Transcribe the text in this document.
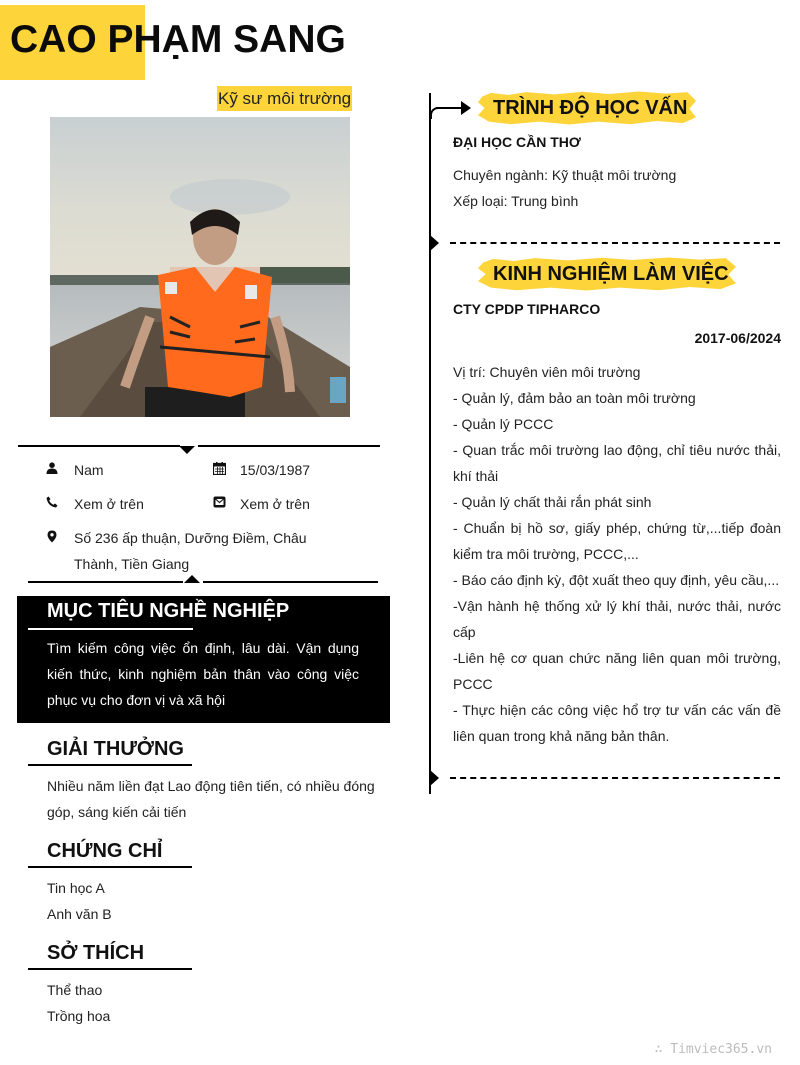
CAO PHẠM SANG
Kỹ sư môi trường
Nam	15/03/1987
Xem ở trên	Xem ở trên
Số 236 ấp thuận, Dưỡng Điềm, Châu
Thành, Tiền Giang
MỤC TIÊU NGHỀ NGHIỆP
Tìm kiếm công việc ổn định, lâu dài. Vận dụng kiến thức, kinh nghiệm bản thân vào công việc phục vụ cho đơn vị và xã hội
GIẢI THƯỞNG
Nhiều năm liền đạt Lao động tiên tiến, có nhiều đóng
góp, sáng kiến cải tiến
CHỨNG CHỈ
Tin học A
Anh văn B
SỞ THÍCH
Thể thao
Trồng hoa
TRÌNH ĐỘ HỌC VẤN
ĐẠI HỌC CẦN THƠ
Chuyên ngành: Kỹ thuật môi trường
Xếp loại: Trung bình
KINH NGHIỆM LÀM VIỆC
CTY CPDP TIPHARCO
2017-06/2024
Vị trí: Chuyên viên môi trường
- Quản lý, đảm bảo an toàn môi trường
- Quản lý PCCC
- Quan trắc môi trường lao động, chỉ tiêu nước thải, khí thải
- Quản lý chất thải rắn phát sinh
- Chuẩn bị hồ sơ, giấy phép, chứng từ,...tiếp đoàn kiểm tra môi trường, PCCC,...
- Báo cáo định kỳ, đột xuất theo quy định, yêu cầu,...
-Vận hành hệ thống xử lý khí thải, nước thải, nước cấp
-Liên hệ cơ quan chức năng liên quan môi trường, PCCC
- Thực hiện các công việc hổ trợ tư vấn các vấn đề liên quan trong khả năng bản thân.
∴ Timviec365.vn
